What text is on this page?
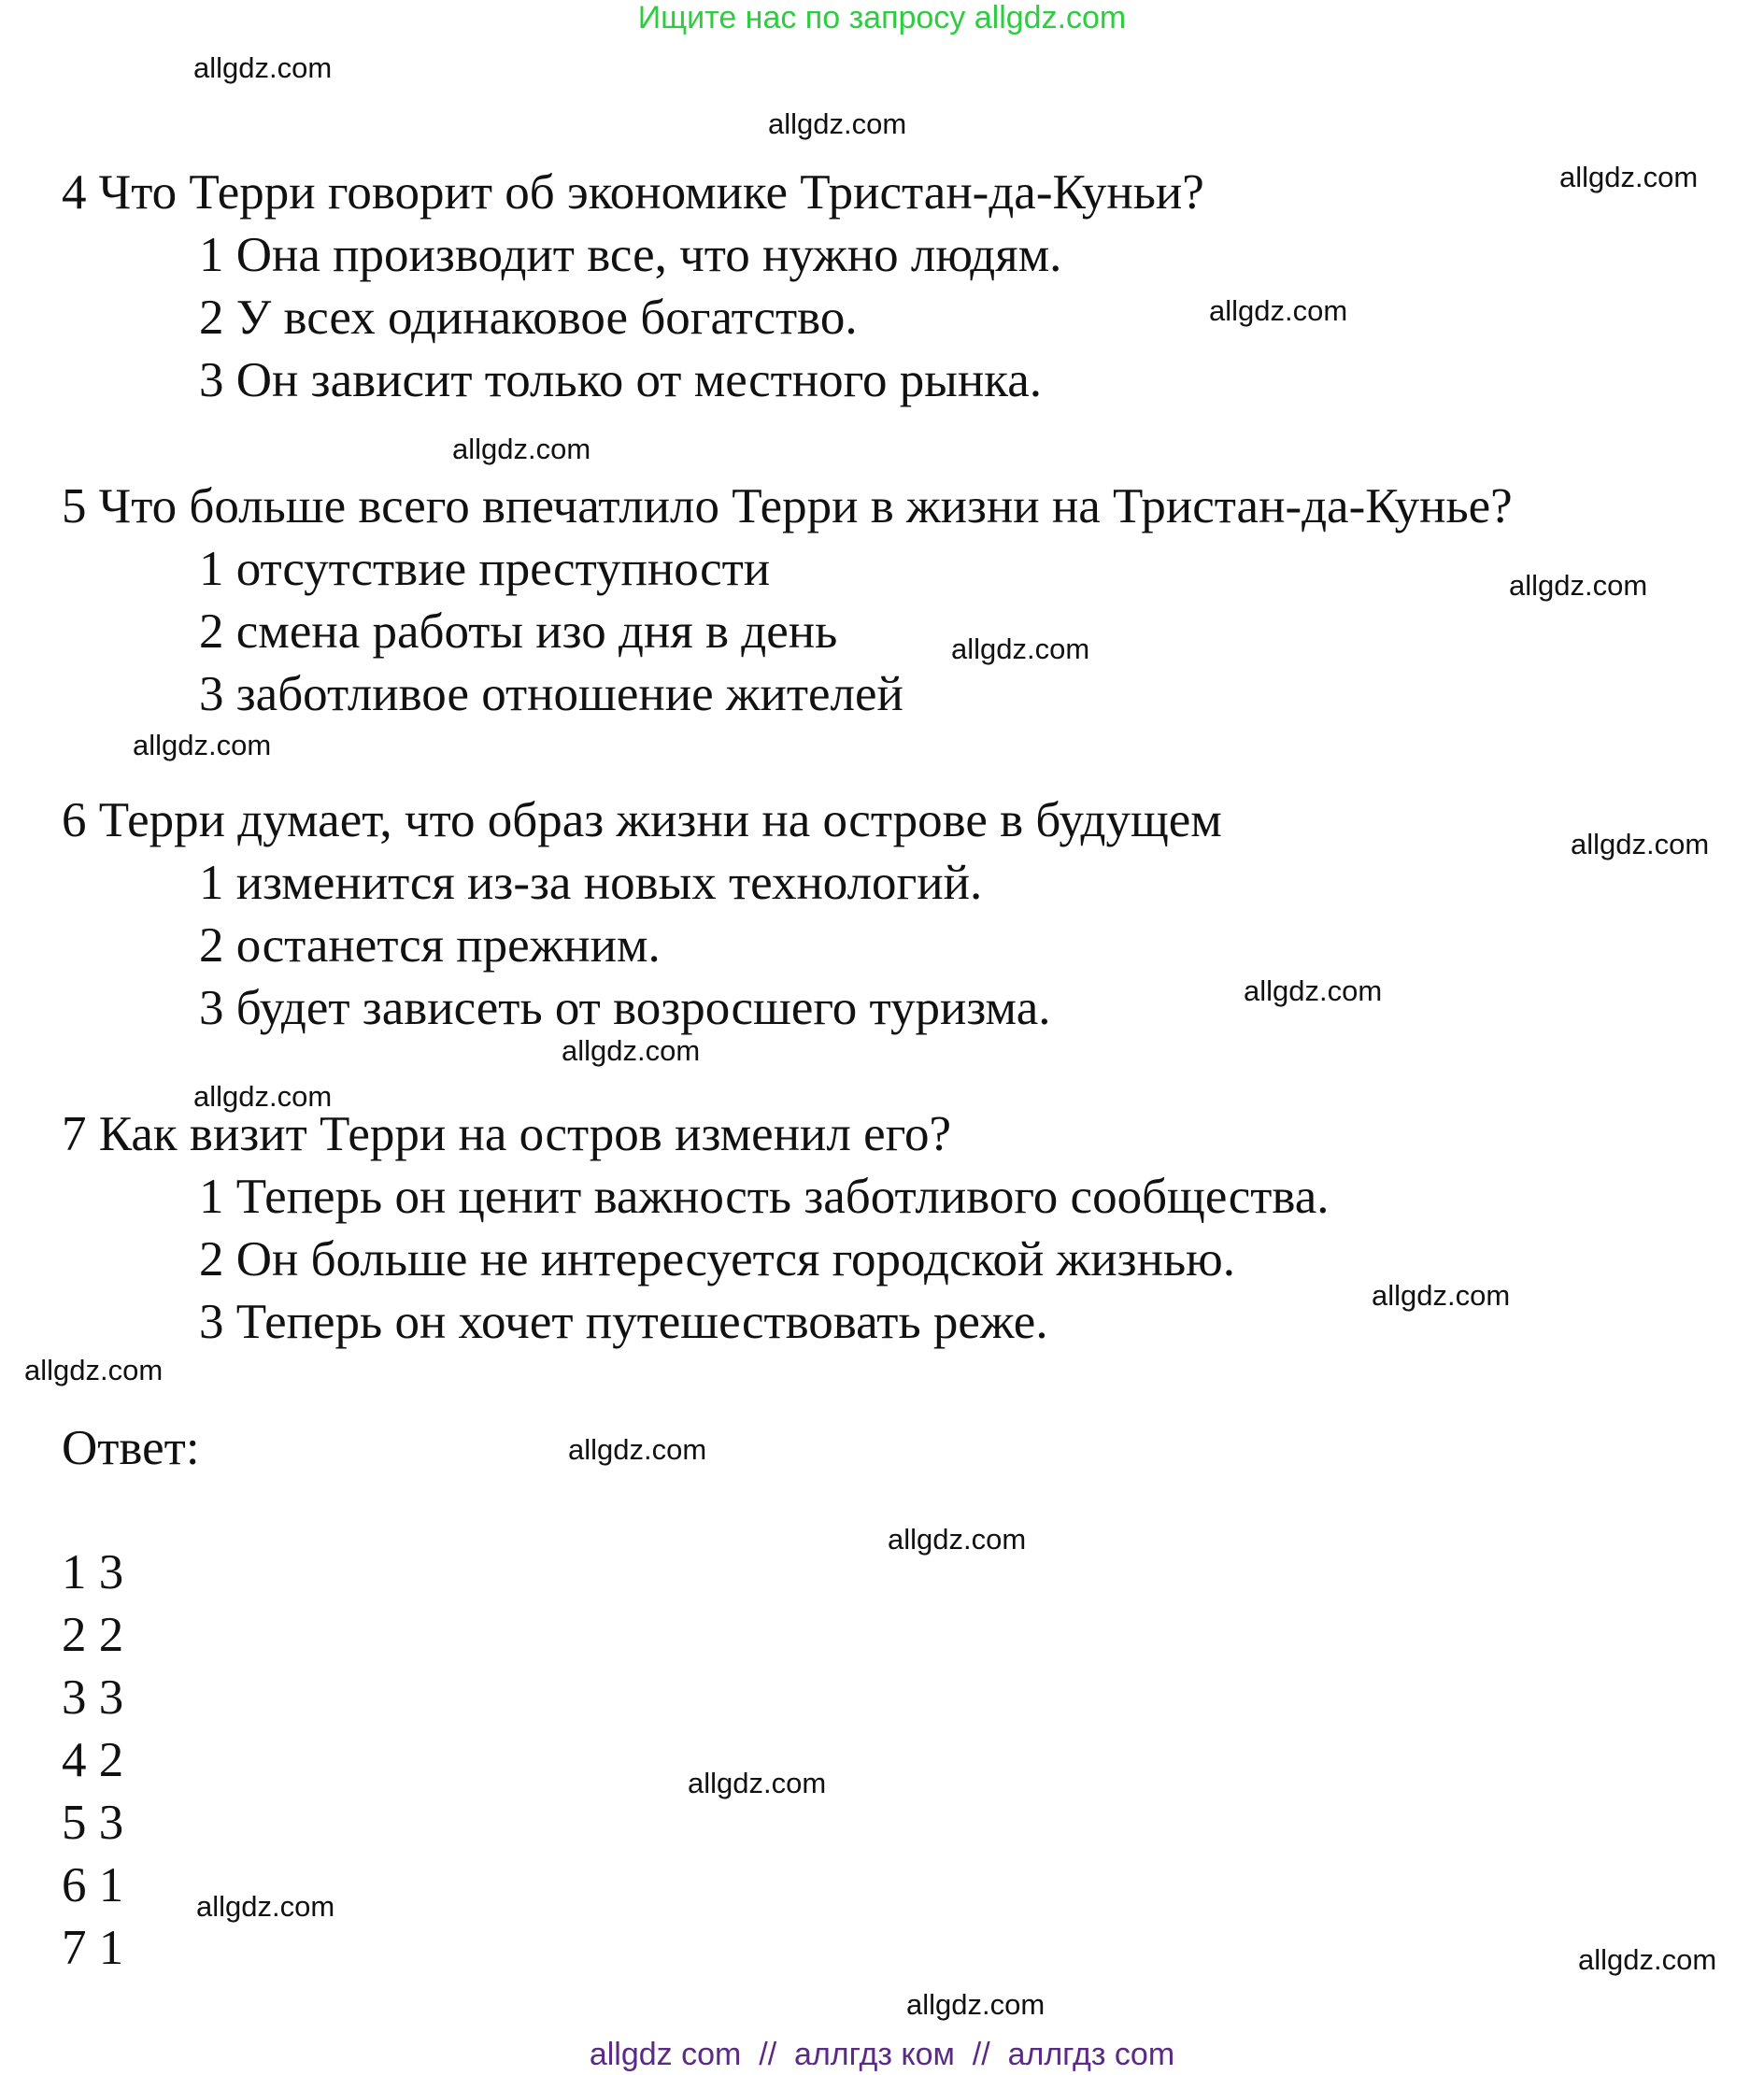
Ищите нас по запросу allgdz.com
allgdz.com
allgdz.com
allgdz.com
allgdz.com
allgdz.com
allgdz.com
allgdz.com
allgdz.com
allgdz.com
allgdz.com
allgdz.com
allgdz.com
allgdz.com
allgdz.com
allgdz.com
allgdz.com
allgdz.com
allgdz.com
allgdz.com
allgdz.com
4 Что Терри говорит об экономике Тристан-да-Куньи?
1 Она производит все, что нужно людям.
2 У всех одинаковое богатство.
3 Он зависит только от местного рынка.
5 Что больше всего впечатлило Терри в жизни на Тристан-да-Кунье?
1 отсутствие преступности
2 смена работы изо дня в день
3 заботливое отношение жителей
6 Терри думает, что образ жизни на острове в будущем
1 изменится из-за новых технологий.
2 останется прежним.
3 будет зависеть от возросшего туризма.
7 Как визит Терри на остров изменил его?
1 Теперь он ценит важность заботливого сообщества.
2 Он больше не интересуется городской жизнью.
3 Теперь он хочет путешествовать реже.
Ответ:
1 3
2 2
3 3
4 2
5 3
6 1
7 1
allgdz com  //  аллгдз ком  //  аллгдз com
